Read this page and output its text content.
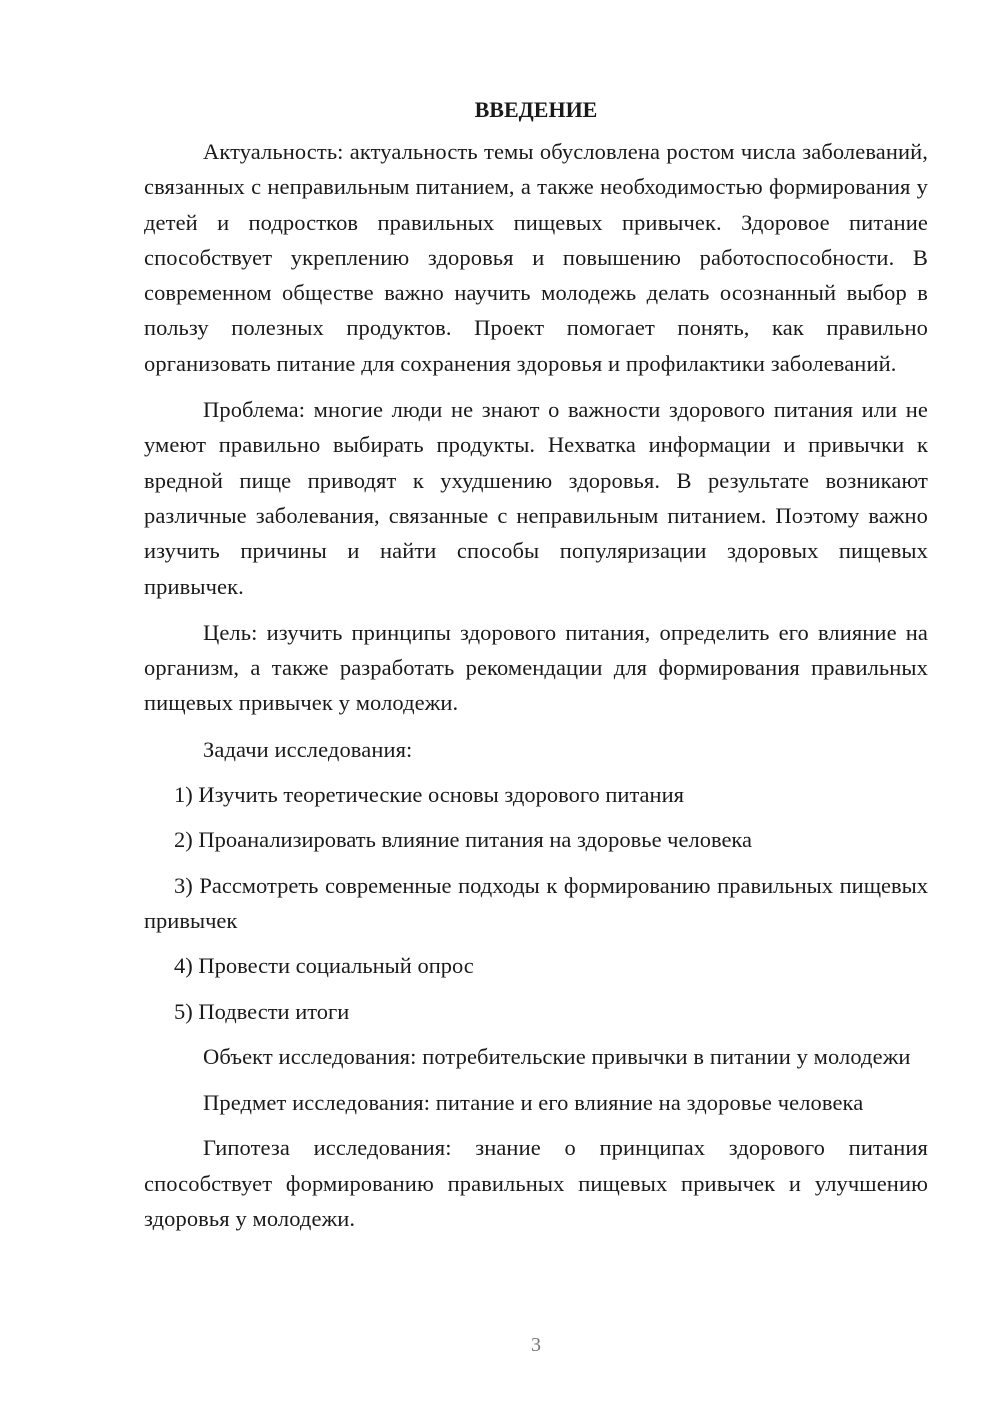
ВВЕДЕНИЕ

Актуальность: актуальность темы обусловлена ростом числа заболеваний, связанных с неправильным питанием, а также необходимостью формирования у детей и подростков правильных пищевых привычек. Здоровое питание способствует укреплению здоровья и повышению работоспособности. В современном обществе важно научить молодежь делать осознанный выбор в пользу полезных продуктов. Проект помогает понять, как правильно организовать питание для сохранения здоровья и профилактики заболеваний.

Проблема: многие люди не знают о важности здорового питания или не умеют правильно выбирать продукты. Нехватка информации и привычки к вредной пище приводят к ухудшению здоровья. В результате возникают различные заболевания, связанные с неправильным питанием. Поэтому важно изучить причины и найти способы популяризации здоровых пищевых привычек.

Цель: изучить принципы здорового питания, определить его влияние на организм, а также разработать рекомендации для формирования правильных пищевых привычек у молодежи.

Задачи исследования:

1) Изучить теоретические основы здорового питания

2) Проанализировать влияние питания на здоровье человека

3) Рассмотреть современные подходы к формированию правильных пищевых привычек

4) Провести социальный опрос

5) Подвести итоги

Объект исследования: потребительские привычки в питании у молодежи

Предмет исследования: питание и его влияние на здоровье человека

Гипотеза исследования: знание о принципах здорового питания способствует формированию правильных пищевых привычек и улучшению здоровья у молодежи.

3
